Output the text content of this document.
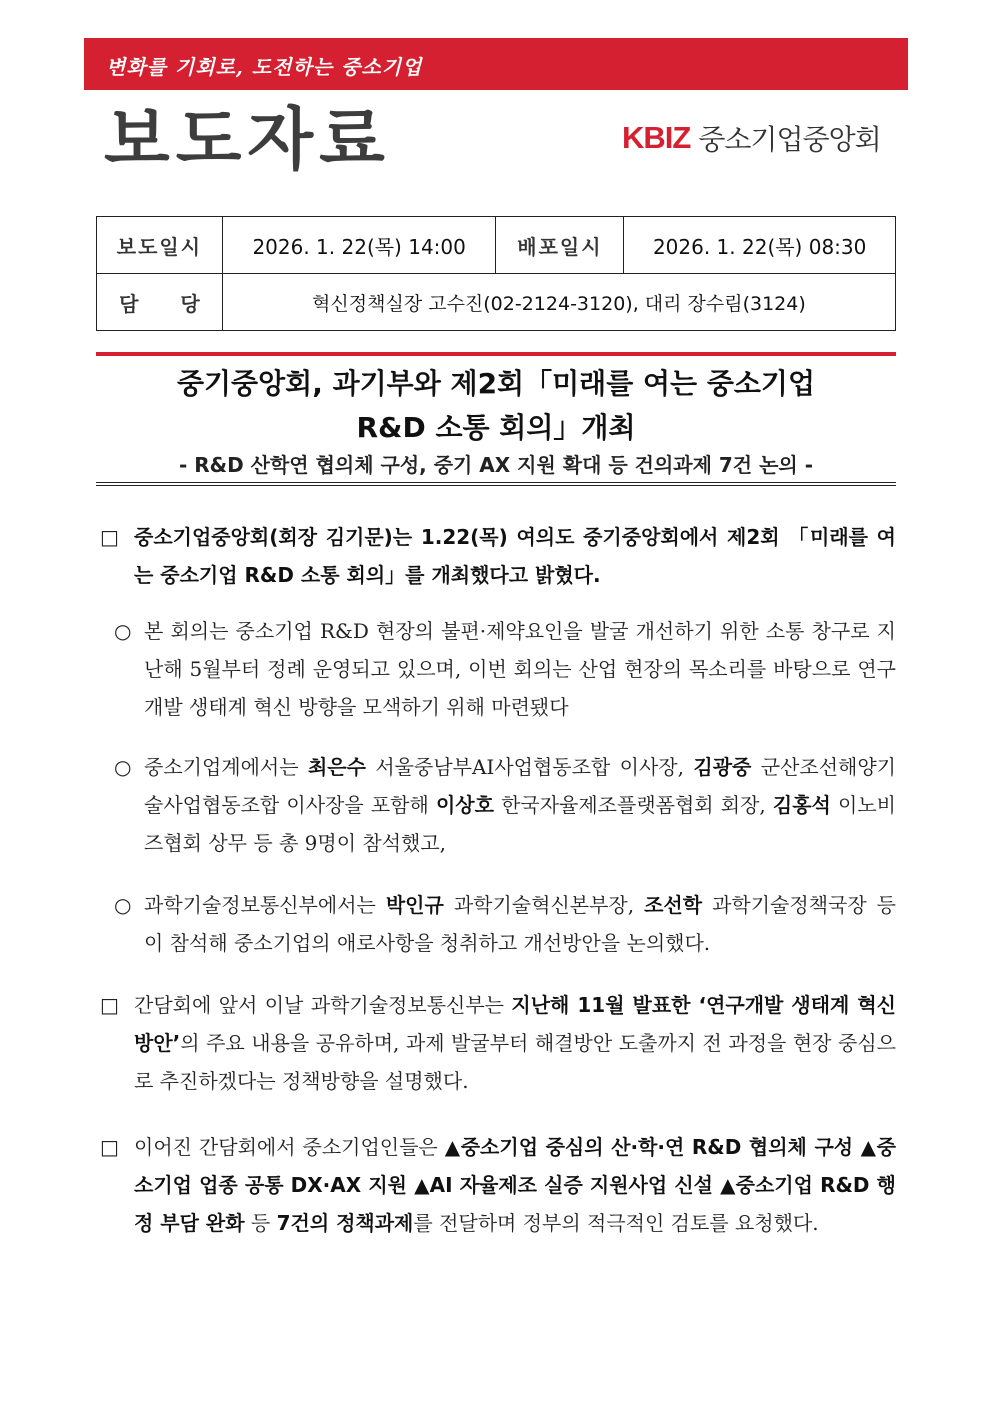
변화를 기회로, 도전하는 중소기업
보도자료	KBIZ 중소기업중앙회
보도일시	2026. 1. 22(목) 14:00	배포일시	2026. 1. 22(목) 08:30
담당	혁신정책실장 고수진(02-2124-3120), 대리 장수림(3124)		
중기중앙회, 과기부와 제2회「미래를 여는 중소기업
R&D 소통 회의」개최
- R&D 산학연 협의체 구성, 중기 AX 지원 확대 등 건의과제 7건 논의 -
□ 중소기업중앙회(회장 김기문)는 1.22(목) 여의도 중기중앙회에서 제2회 「미래를 여는 중소기업 R&D 소통 회의」를 개최했다고 밝혔다.
○ 본 회의는 중소기업 R&D 현장의 불편·제약요인을 발굴 개선하기 위한 소통 창구로 지난해 5월부터 정례 운영되고 있으며, 이번 회의는 산업 현장의 목소리를 바탕으로 연구개발 생태계 혁신 방향을 모색하기 위해 마련됐다
○ 중소기업계에서는 최은수 서울중남부AI사업협동조합 이사장, 김광중 군산조선해양기술사업협동조합 이사장을 포함해 이상호 한국자율제조플랫폼협회 회장, 김홍석 이노비즈협회 상무 등 총 9명이 참석했고,
○ 과학기술정보통신부에서는 박인규 과학기술혁신본부장, 조선학 과학기술정책국장 등이 참석해 중소기업의 애로사항을 청취하고 개선방안을 논의했다.
□ 간담회에 앞서 이날 과학기술정보통신부는 지난해 11월 발표한 ‘연구개발 생태계 혁신방안’의 주요 내용을 공유하며, 과제 발굴부터 해결방안 도출까지 전 과정을 현장 중심으로 추진하겠다는 정책방향을 설명했다.
□ 이어진 간담회에서 중소기업인들은 ▲중소기업 중심의 산·학·연 R&D 협의체 구성 ▲중소기업 업종 공통 DX·AX 지원 ▲AI 자율제조 실증 지원사업 신설 ▲중소기업 R&D 행정 부담 완화 등 7건의 정책과제를 전달하며 정부의 적극적인 검토를 요청했다.
